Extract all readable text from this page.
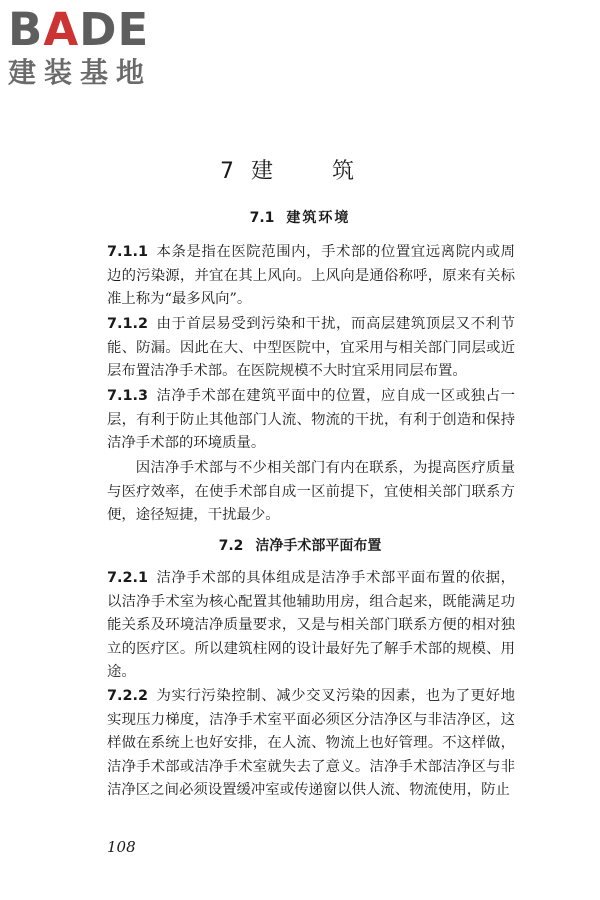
BADE
建装基地
7 建 筑
7.1 建筑环境
7.1.1 本条是指在医院范围内，手术部的位置宜远离院内或周边的污染源，并宜在其上风向。上风向是通俗称呼，原来有关标准上称为“最多风向”。
7.1.2 由于首层易受到污染和干扰，而高层建筑顶层又不利节能、防漏。因此在大、中型医院中，宜采用与相关部门同层或近层布置洁净手术部。在医院规模不大时宜采用同层布置。
7.1.3 洁净手术部在建筑平面中的位置，应自成一区或独占一层，有利于防止其他部门人流、物流的干扰，有利于创造和保持洁净手术部的环境质量。
因洁净手术部与不少相关部门有内在联系，为提高医疗质量与医疗效率，在使手术部自成一区前提下，宜使相关部门联系方便，途径短捷，干扰最少。
7.2 洁净手术部平面布置
7.2.1 洁净手术部的具体组成是洁净手术部平面布置的依据，以洁净手术室为核心配置其他辅助用房，组合起来，既能满足功能关系及环境洁净质量要求，又是与相关部门联系方便的相对独立的医疗区。所以建筑柱网的设计最好先了解手术部的规模、用途。
7.2.2 为实行污染控制、减少交叉污染的因素，也为了更好地实现压力梯度，洁净手术室平面必须区分洁净区与非洁净区，这样做在系统上也好安排，在人流、物流上也好管理。不这样做，洁净手术部或洁净手术室就失去了意义。洁净手术部洁净区与非洁净区之间必须设置缓冲室或传递窗以供人流、物流使用，防止
108
